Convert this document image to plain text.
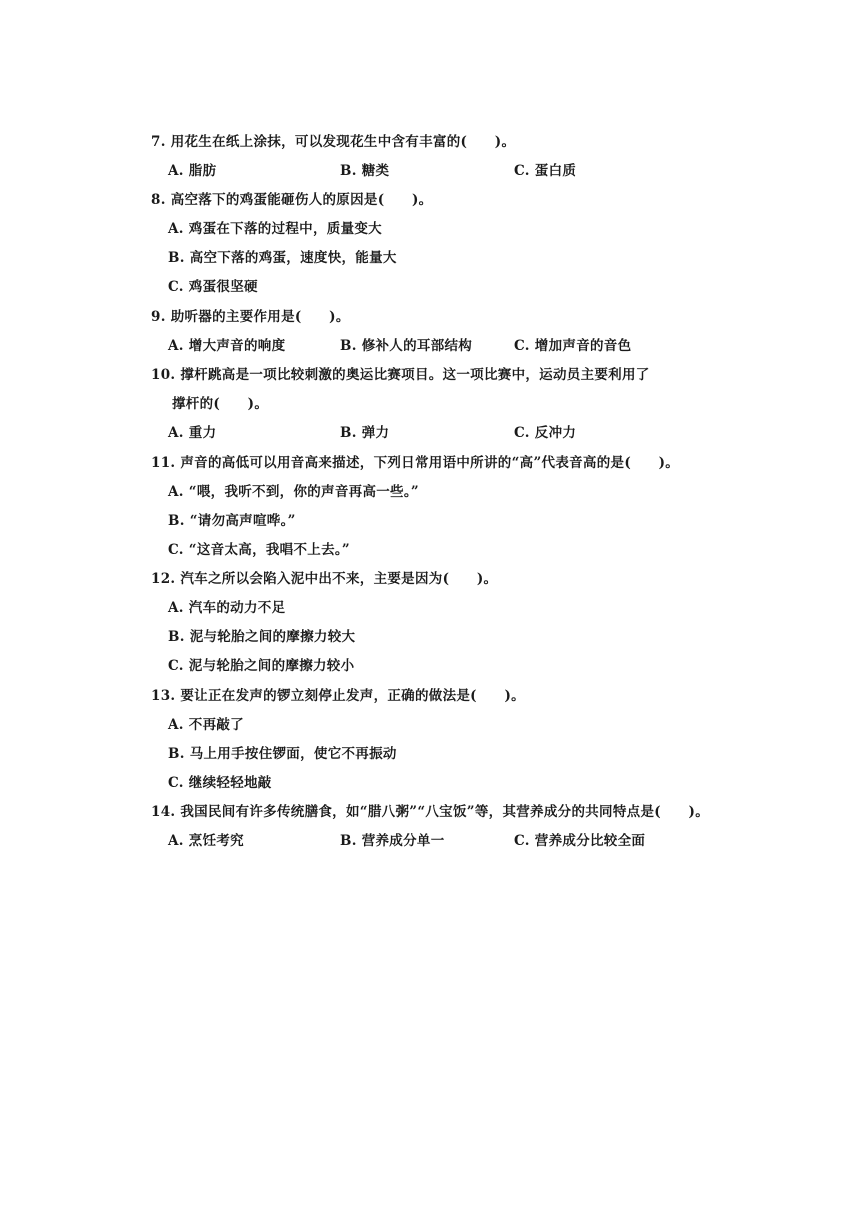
7. 用花生在纸上涂抹，可以发现花生中含有丰富的(　　)。
A. 脂肪	B. 糖类	C. 蛋白质
8. 高空落下的鸡蛋能砸伤人的原因是(　　)。
A. 鸡蛋在下落的过程中，质量变大
B. 高空下落的鸡蛋，速度快，能量大
C. 鸡蛋很坚硬
9. 助听器的主要作用是(　　)。
A. 增大声音的响度	B. 修补人的耳部结构	C. 增加声音的音色
10. 撑杆跳高是一项比较刺激的奥运比赛项目。这一项比赛中，运动员主要利用了
撑杆的(　　)。
A. 重力	B. 弹力	C. 反冲力
11. 声音的高低可以用音高来描述，下列日常用语中所讲的“高”代表音高的是(　　)。
A. “喂，我听不到，你的声音再高一些。”
B. “请勿高声喧哗。”
C. “这音太高，我唱不上去。”
12. 汽车之所以会陷入泥中出不来，主要是因为(　　)。
A. 汽车的动力不足
B. 泥与轮胎之间的摩擦力较大
C. 泥与轮胎之间的摩擦力较小
13. 要让正在发声的锣立刻停止发声，正确的做法是(　　)。
A. 不再敲了
B. 马上用手按住锣面，使它不再振动
C. 继续轻轻地敲
14. 我国民间有许多传统膳食，如“腊八粥”“八宝饭”等，其营养成分的共同特点是(　　)。
A. 烹饪考究	B. 营养成分单一	C. 营养成分比较全面
